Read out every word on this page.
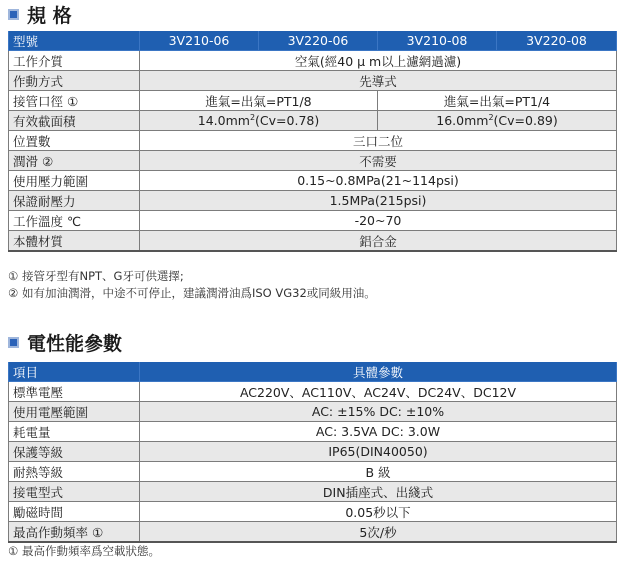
規 格
型號	3V210-06	3V220-06	3V210-08	3V220-08
工作介質	空氣(經40 μ m以上濾網過濾)			
作動方式	先導式			
接管口徑 ①	進氣=出氣=PT1/8		進氣=出氣=PT1/4	
有效截面積	$14.0mm^2(Cv=0.78)$		$16.0mm^2(Cv=0.89)$	
位置數	三口二位			
潤滑 ②	不需要			
使用壓力範圍	0.15~0.8MPa(21~114psi)			
保證耐壓力	1.5MPa(215psi)			
工作溫度 ℃	-20~70			
本體材質	鋁合金			
① 接管牙型有NPT、G牙可供選擇;
② 如有加油潤滑，中途不可停止，建議潤滑油爲ISO VG32或同級用油。
電性能參數
項目	具體參數
標準電壓	AC220V、AC110V、AC24V、DC24V、DC12V
使用電壓範圍	AC: ±15% DC: ±10%
耗電量	AC: 3.5VA DC: 3.0W
保護等級	IP65(DIN40050)
耐熱等級	B 級
接電型式	DIN插座式、出綫式
勵磁時間	0.05秒以下
最高作動頻率 ①	5次/秒
① 最高作動頻率爲空載狀態。
